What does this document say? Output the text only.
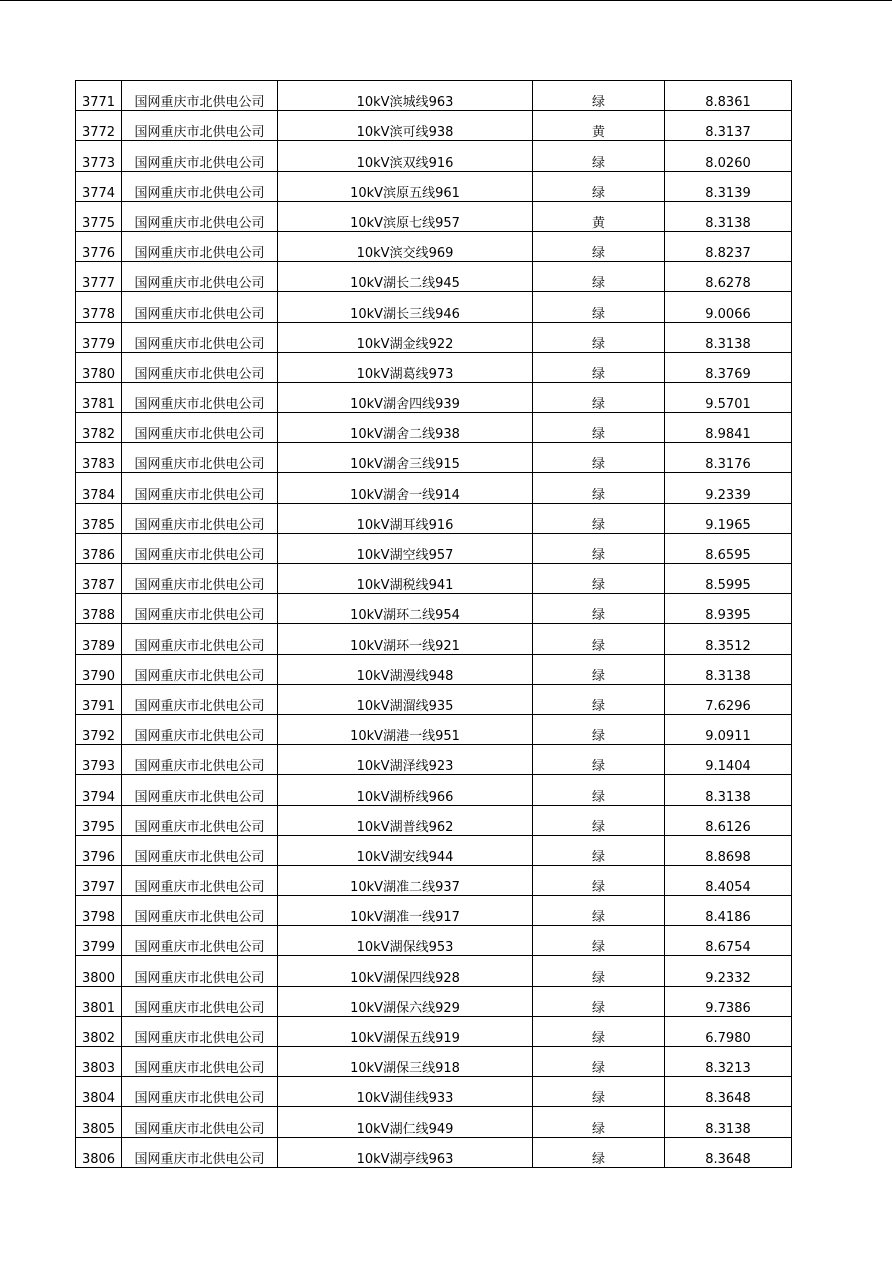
3771	国网重庆市北供电公司	10kV滨城线963	绿	8.8361
3772	国网重庆市北供电公司	10kV滨可线938	黄	8.3137
3773	国网重庆市北供电公司	10kV滨双线916	绿	8.0260
3774	国网重庆市北供电公司	10kV滨原五线961	绿	8.3139
3775	国网重庆市北供电公司	10kV滨原七线957	黄	8.3138
3776	国网重庆市北供电公司	10kV滨交线969	绿	8.8237
3777	国网重庆市北供电公司	10kV湖长二线945	绿	8.6278
3778	国网重庆市北供电公司	10kV湖长三线946	绿	9.0066
3779	国网重庆市北供电公司	10kV湖金线922	绿	8.3138
3780	国网重庆市北供电公司	10kV湖葛线973	绿	8.3769
3781	国网重庆市北供电公司	10kV湖舍四线939	绿	9.5701
3782	国网重庆市北供电公司	10kV湖舍二线938	绿	8.9841
3783	国网重庆市北供电公司	10kV湖舍三线915	绿	8.3176
3784	国网重庆市北供电公司	10kV湖舍一线914	绿	9.2339
3785	国网重庆市北供电公司	10kV湖耳线916	绿	9.1965
3786	国网重庆市北供电公司	10kV湖空线957	绿	8.6595
3787	国网重庆市北供电公司	10kV湖税线941	绿	8.5995
3788	国网重庆市北供电公司	10kV湖环二线954	绿	8.9395
3789	国网重庆市北供电公司	10kV湖环一线921	绿	8.3512
3790	国网重庆市北供电公司	10kV湖漫线948	绿	8.3138
3791	国网重庆市北供电公司	10kV湖溜线935	绿	7.6296
3792	国网重庆市北供电公司	10kV湖港一线951	绿	9.0911
3793	国网重庆市北供电公司	10kV湖泽线923	绿	9.1404
3794	国网重庆市北供电公司	10kV湖桥线966	绿	8.3138
3795	国网重庆市北供电公司	10kV湖普线962	绿	8.6126
3796	国网重庆市北供电公司	10kV湖安线944	绿	8.8698
3797	国网重庆市北供电公司	10kV湖准二线937	绿	8.4054
3798	国网重庆市北供电公司	10kV湖准一线917	绿	8.4186
3799	国网重庆市北供电公司	10kV湖保线953	绿	8.6754
3800	国网重庆市北供电公司	10kV湖保四线928	绿	9.2332
3801	国网重庆市北供电公司	10kV湖保六线929	绿	9.7386
3802	国网重庆市北供电公司	10kV湖保五线919	绿	6.7980
3803	国网重庆市北供电公司	10kV湖保三线918	绿	8.3213
3804	国网重庆市北供电公司	10kV湖佳线933	绿	8.3648
3805	国网重庆市北供电公司	10kV湖仁线949	绿	8.3138
3806	国网重庆市北供电公司	10kV湖亭线963	绿	8.3648
